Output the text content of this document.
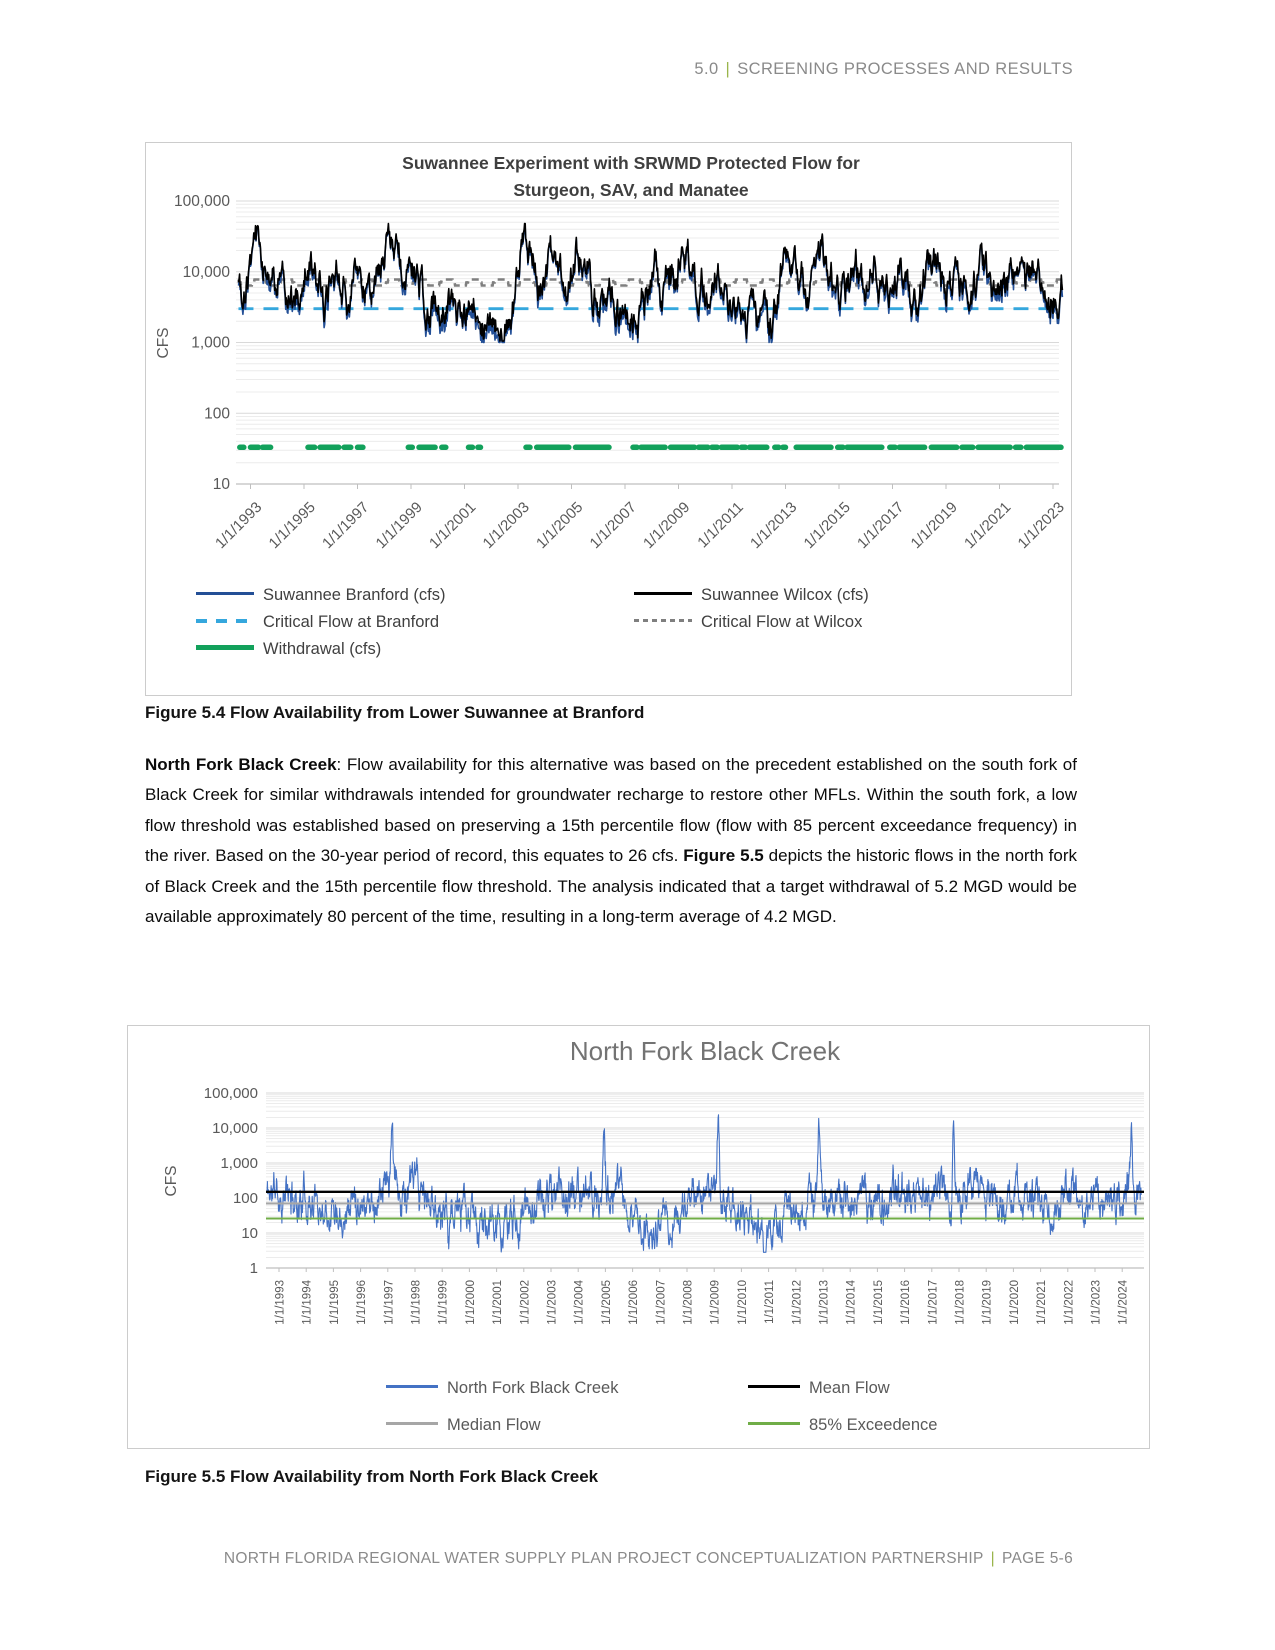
5.0 | SCREENING PROCESSES AND RESULTS
Suwannee Experiment with SRWMD Protected Flow for
Sturgeon, SAV, and Manatee
1/1/1993 1/1/1995 1/1/1997 1/1/1999 1/1/2001 1/1/2003 1/1/2005 1/1/2007 1/1/2009 1/1/2011 1/1/2013 1/1/2015 1/1/2017 1/1/2019 1/1/2021 1/1/2023
100,000
10,000
1,000
100
10
CFS
Suwannee Branford (cfs)	Suwannee Wilcox (cfs)
Critical Flow at Branford	Critical Flow at Wilcox
Withdrawal (cfs)
Figure 5.4 Flow Availability from Lower Suwannee at Branford
North Fork Black Creek: Flow availability for this alternative was based on the precedent established on the south fork of Black Creek for similar withdrawals intended for groundwater recharge to restore other MFLs. Within the south fork, a low flow threshold was established based on preserving a 15th percentile flow (flow with 85 percent exceedance frequency) in the river. Based on the 30-year period of record, this equates to 26 cfs. Figure 5.5 depicts the historic flows in the north fork of Black Creek and the 15th percentile flow threshold. The analysis indicated that a target withdrawal of 5.2 MGD would be available approximately 80 percent of the time, resulting in a long-term average of 4.2 MGD.
North Fork Black Creek
1/1/1993 1/1/1994 1/1/1995 1/1/1996 1/1/1997 1/1/1998 1/1/1999 1/1/2000 1/1/2001 1/1/2002 1/1/2003 1/1/2004 1/1/2005 1/1/2006 1/1/2007 1/1/2008 1/1/2009 1/1/2010 1/1/2011 1/1/2012 1/1/2013 1/1/2014 1/1/2015 1/1/2016 1/1/2017 1/1/2018 1/1/2019 1/1/2020 1/1/2021 1/1/2022 1/1/2023 1/1/2024
100,000
10,000
1,000
100
10
1
CFS
North Fork Black Creek	Mean Flow
Median Flow	85% Exceedence
Figure 5.5 Flow Availability from North Fork Black Creek
NORTH FLORIDA REGIONAL WATER SUPPLY PLAN PROJECT CONCEPTUALIZATION PARTNERSHIP | PAGE 5-6
